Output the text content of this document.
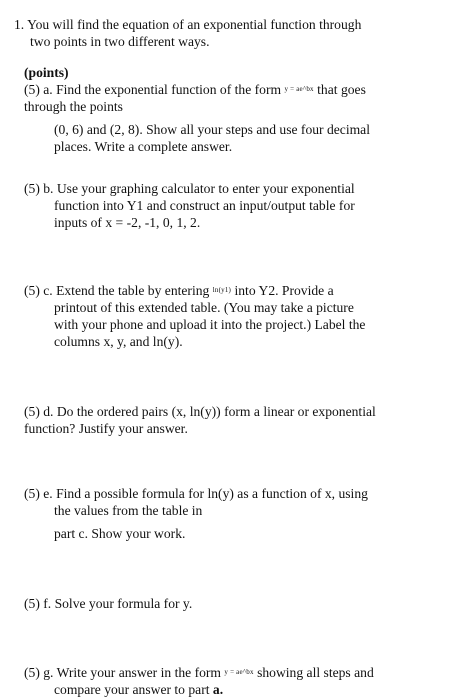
1. You will find the equation of an exponential function through
two points in two different ways.
(points)
(5) a. Find the exponential function of the form $^{y = ae\^{}bx}$ that goes
through the points
(0, 6) and (2, 8). Show all your steps and use four decimal
places. Write a complete answer.
(5) b. Use your graphing calculator to enter your exponential
function into Y1 and construct an input/output table for
inputs of x = -2, -1, 0, 1, 2.
(5) c. Extend the table by entering $^{ln(y1)}$ into Y2. Provide a
printout of this extended table. (You may take a picture
with your phone and upload it into the project.) Label the
columns x, y, and ln(y).
(5) d. Do the ordered pairs (x, ln(y)) form a linear or exponential
function? Justify your answer.
(5) e. Find a possible formula for ln(y) as a function of x, using
the values from the table in
part c. Show your work.
(5) f. Solve your formula for y.
(5) g. Write your answer in the form $^{y = ae\^{}bx}$ showing all steps and
compare your answer to part a.
